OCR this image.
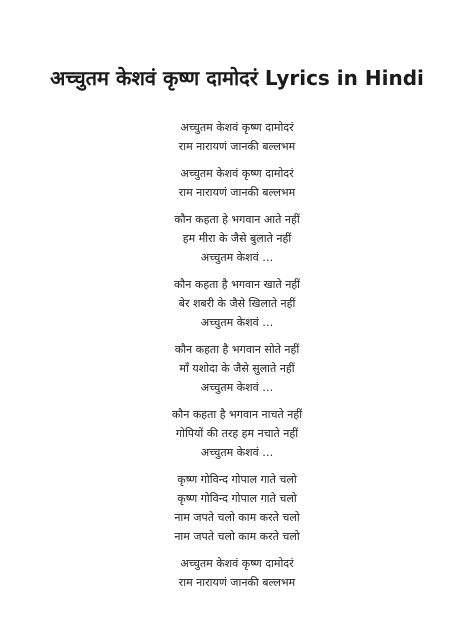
अच्चुतम केशवं कृष्ण दामोदरं Lyrics in Hindi
अच्चुतम केशवं कृष्ण दामोदरं
राम नारायणं जानकी बल्लभम
अच्चुतम केशवं कृष्ण दामोदरं
राम नारायणं जानकी बल्लभम
कौन कहता हे भगवान आते नहीं
हम मीरा के जैसे बुलाते नहीं
अच्चुतम केशवं …
कौन कहता है भगवान खाते नहीं
बेर शबरी के जैसे खिलाते नहीं
अच्चुतम केशवं …
कौन कहता है भगवान सोते नहीं
माँ यशोदा के जैसे सुलाते नहीं
अच्चुतम केशवं …
कौन कहता है भगवान नाचते नहीं
गोपियों की तरह हम नचाते नहीं
अच्चुतम केशवं …
कृष्ण गोविन्द गोपाल गाते चलो
कृष्ण गोविन्द गोपाल गाते चलो
नाम जपते चलो काम करते चलो
नाम जपते चलो काम करते चलो
अच्चुतम केशवं कृष्ण दामोदरं
राम नारायणं जानकी बल्लभम
